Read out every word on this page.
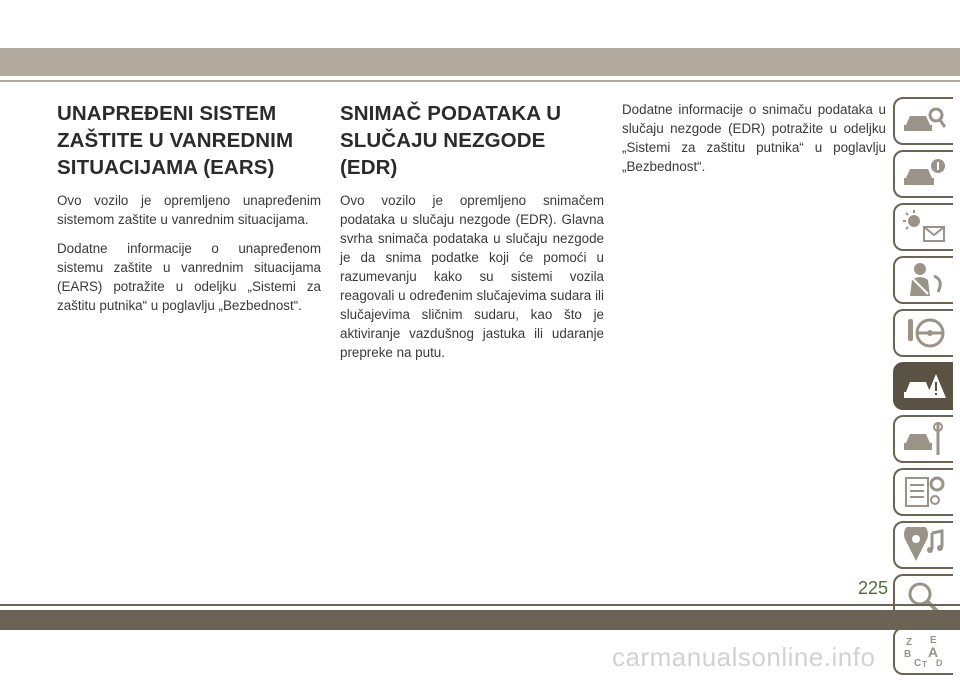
UNAPREĐENI SISTEM ZAŠTITE U VANREDNIM SITUACIJAMA (EARS)

Ovo vozilo je opremljeno unapređenim sistemom zaštite u vanrednim situacijama.

Dodatne informacije o unapređenom sistemu zaštite u vanrednim situacijama (EARS) potražite u odeljku „Sistemi za zaštitu putnika“ u poglavlju „Bezbednost“.

SNIMAČ PODATAKA U SLUČAJU NEZGODE (EDR)

Ovo vozilo je opremljeno snimačem podataka u slučaju nezgode (EDR). Glavna svrha snimača podataka u slučaju nezgode je da snima podatke koji će pomoći u razumevanju kako su sistemi vozila reagovali u određenim slučajevima sudara ili slučajevima sličnim sudaru, kao što je aktiviranje vazdušnog jastuka ili udaranje prepreke na putu.

Dodatne informacije o snimaču podataka u slučaju nezgode (EDR) potražite u odeljku „Sistemi za zaštitu putnika“ u poglavlju „Bezbednost“.

Z E
B A
C D
T
225
carmanualsonline.info
